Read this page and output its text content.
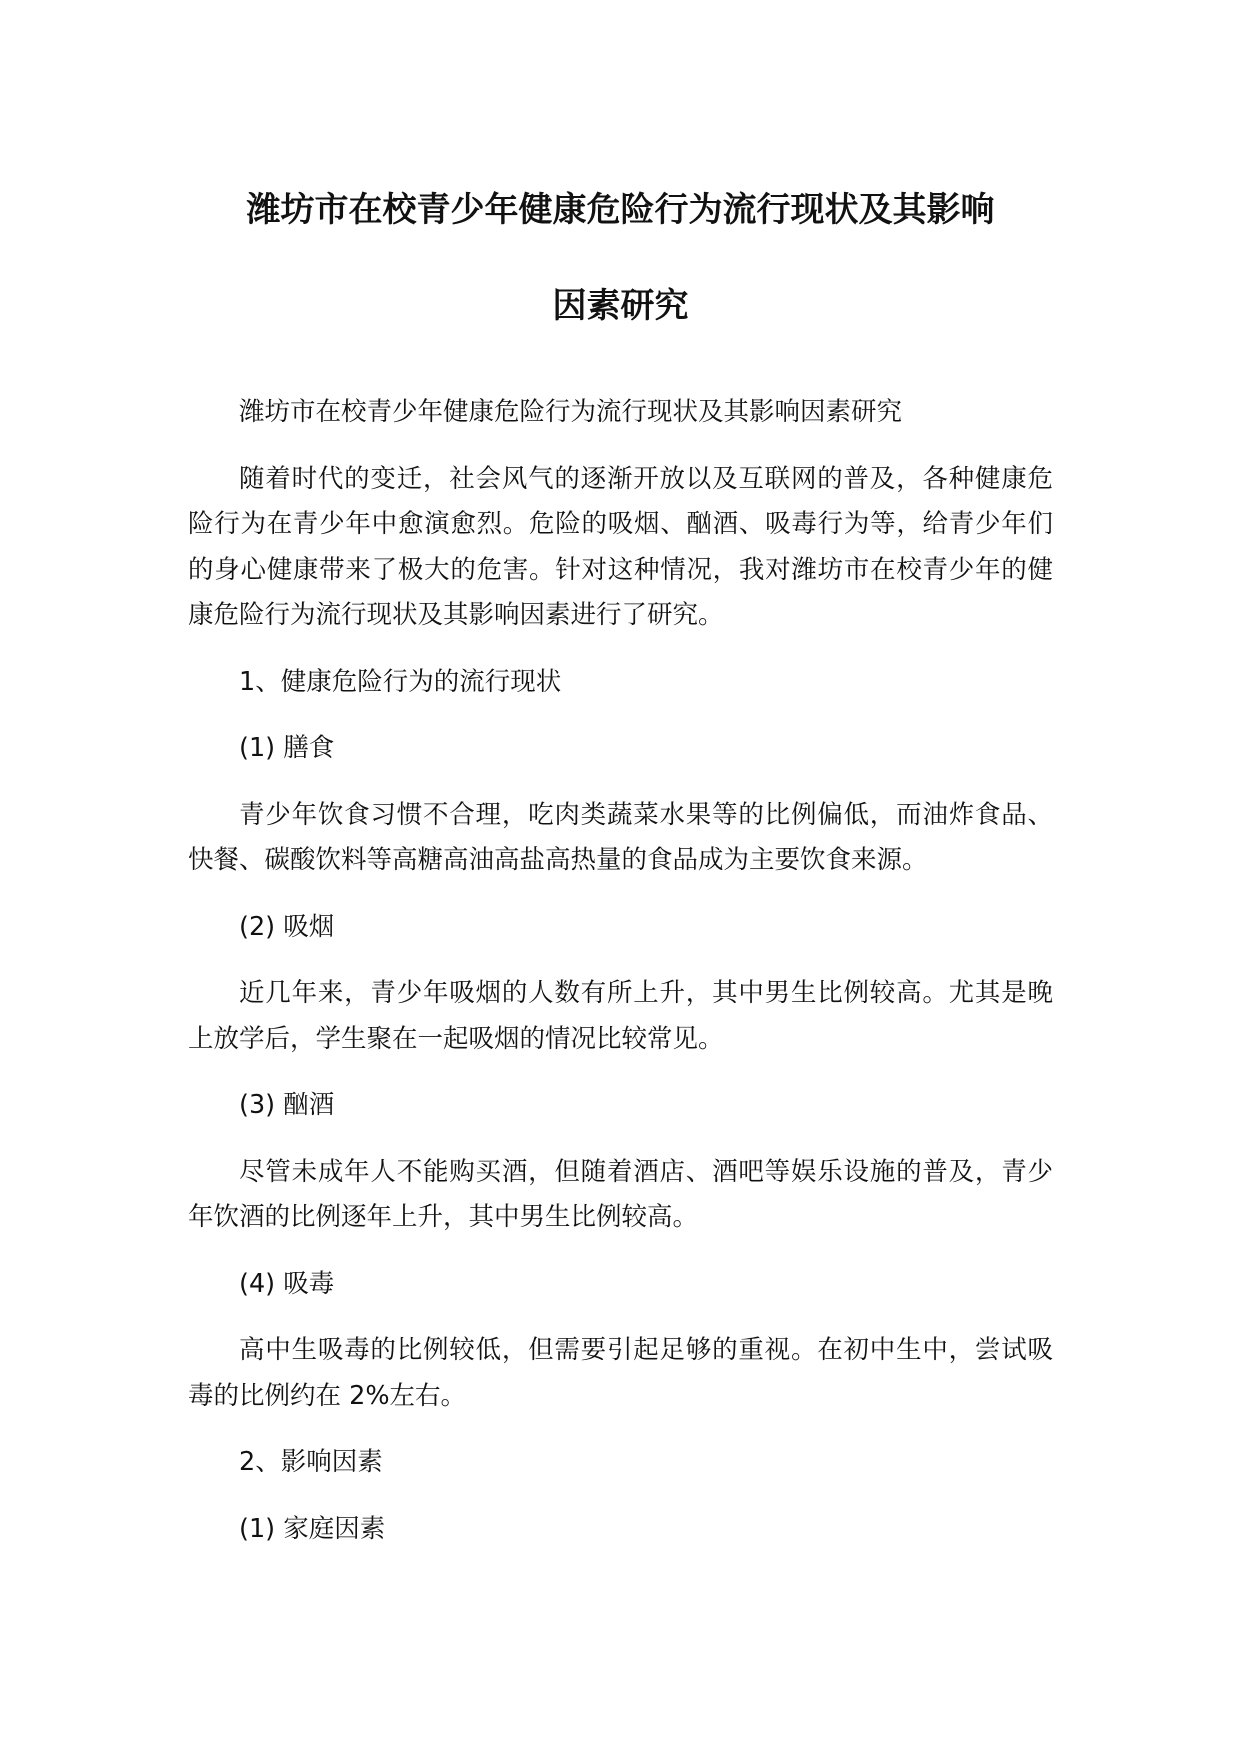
潍坊市在校青少年健康危险行为流行现状及其影响
因素研究

潍坊市在校青少年健康危险行为流行现状及其影响因素研究

随着时代的变迁，社会风气的逐渐开放以及互联网的普及，各种健康危险行为在青少年中愈演愈烈。危险的吸烟、酗酒、吸毒行为等，给青少年们的身心健康带来了极大的危害。针对这种情况，我对潍坊市在校青少年的健康危险行为流行现状及其影响因素进行了研究。

1、健康危险行为的流行现状

(1) 膳食

青少年饮食习惯不合理，吃肉类蔬菜水果等的比例偏低，而油炸食品、快餐、碳酸饮料等高糖高油高盐高热量的食品成为主要饮食来源。

(2) 吸烟

近几年来，青少年吸烟的人数有所上升，其中男生比例较高。尤其是晚上放学后，学生聚在一起吸烟的情况比较常见。

(3) 酗酒

尽管未成年人不能购买酒，但随着酒店、酒吧等娱乐设施的普及，青少年饮酒的比例逐年上升，其中男生比例较高。

(4) 吸毒

高中生吸毒的比例较低，但需要引起足够的重视。在初中生中，尝试吸毒的比例约在 2%左右。

2、影响因素

(1) 家庭因素
